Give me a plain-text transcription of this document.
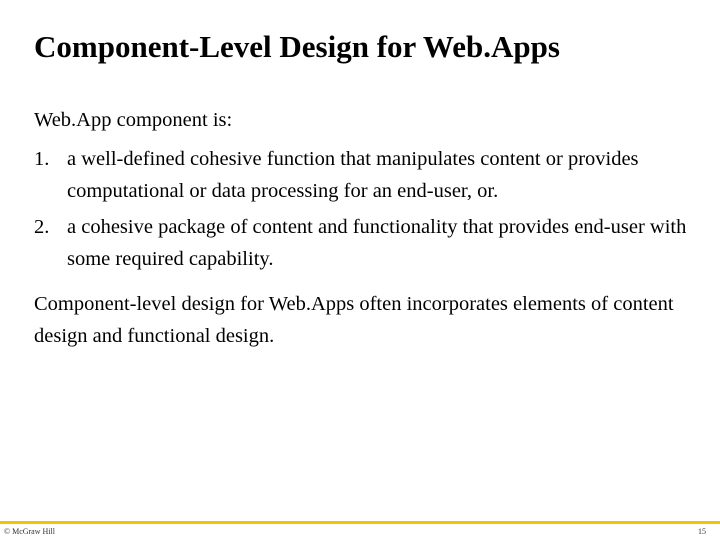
Component-Level Design for Web.Apps

Web.App component is:

1. a well-defined cohesive function that manipulates content or provides computational or data processing for an end-user, or.
2. a cohesive package of content and functionality that provides end-user with some required capability.

Component-level design for Web.Apps often incorporates elements of content design and functional design.

© McGraw Hill	15
